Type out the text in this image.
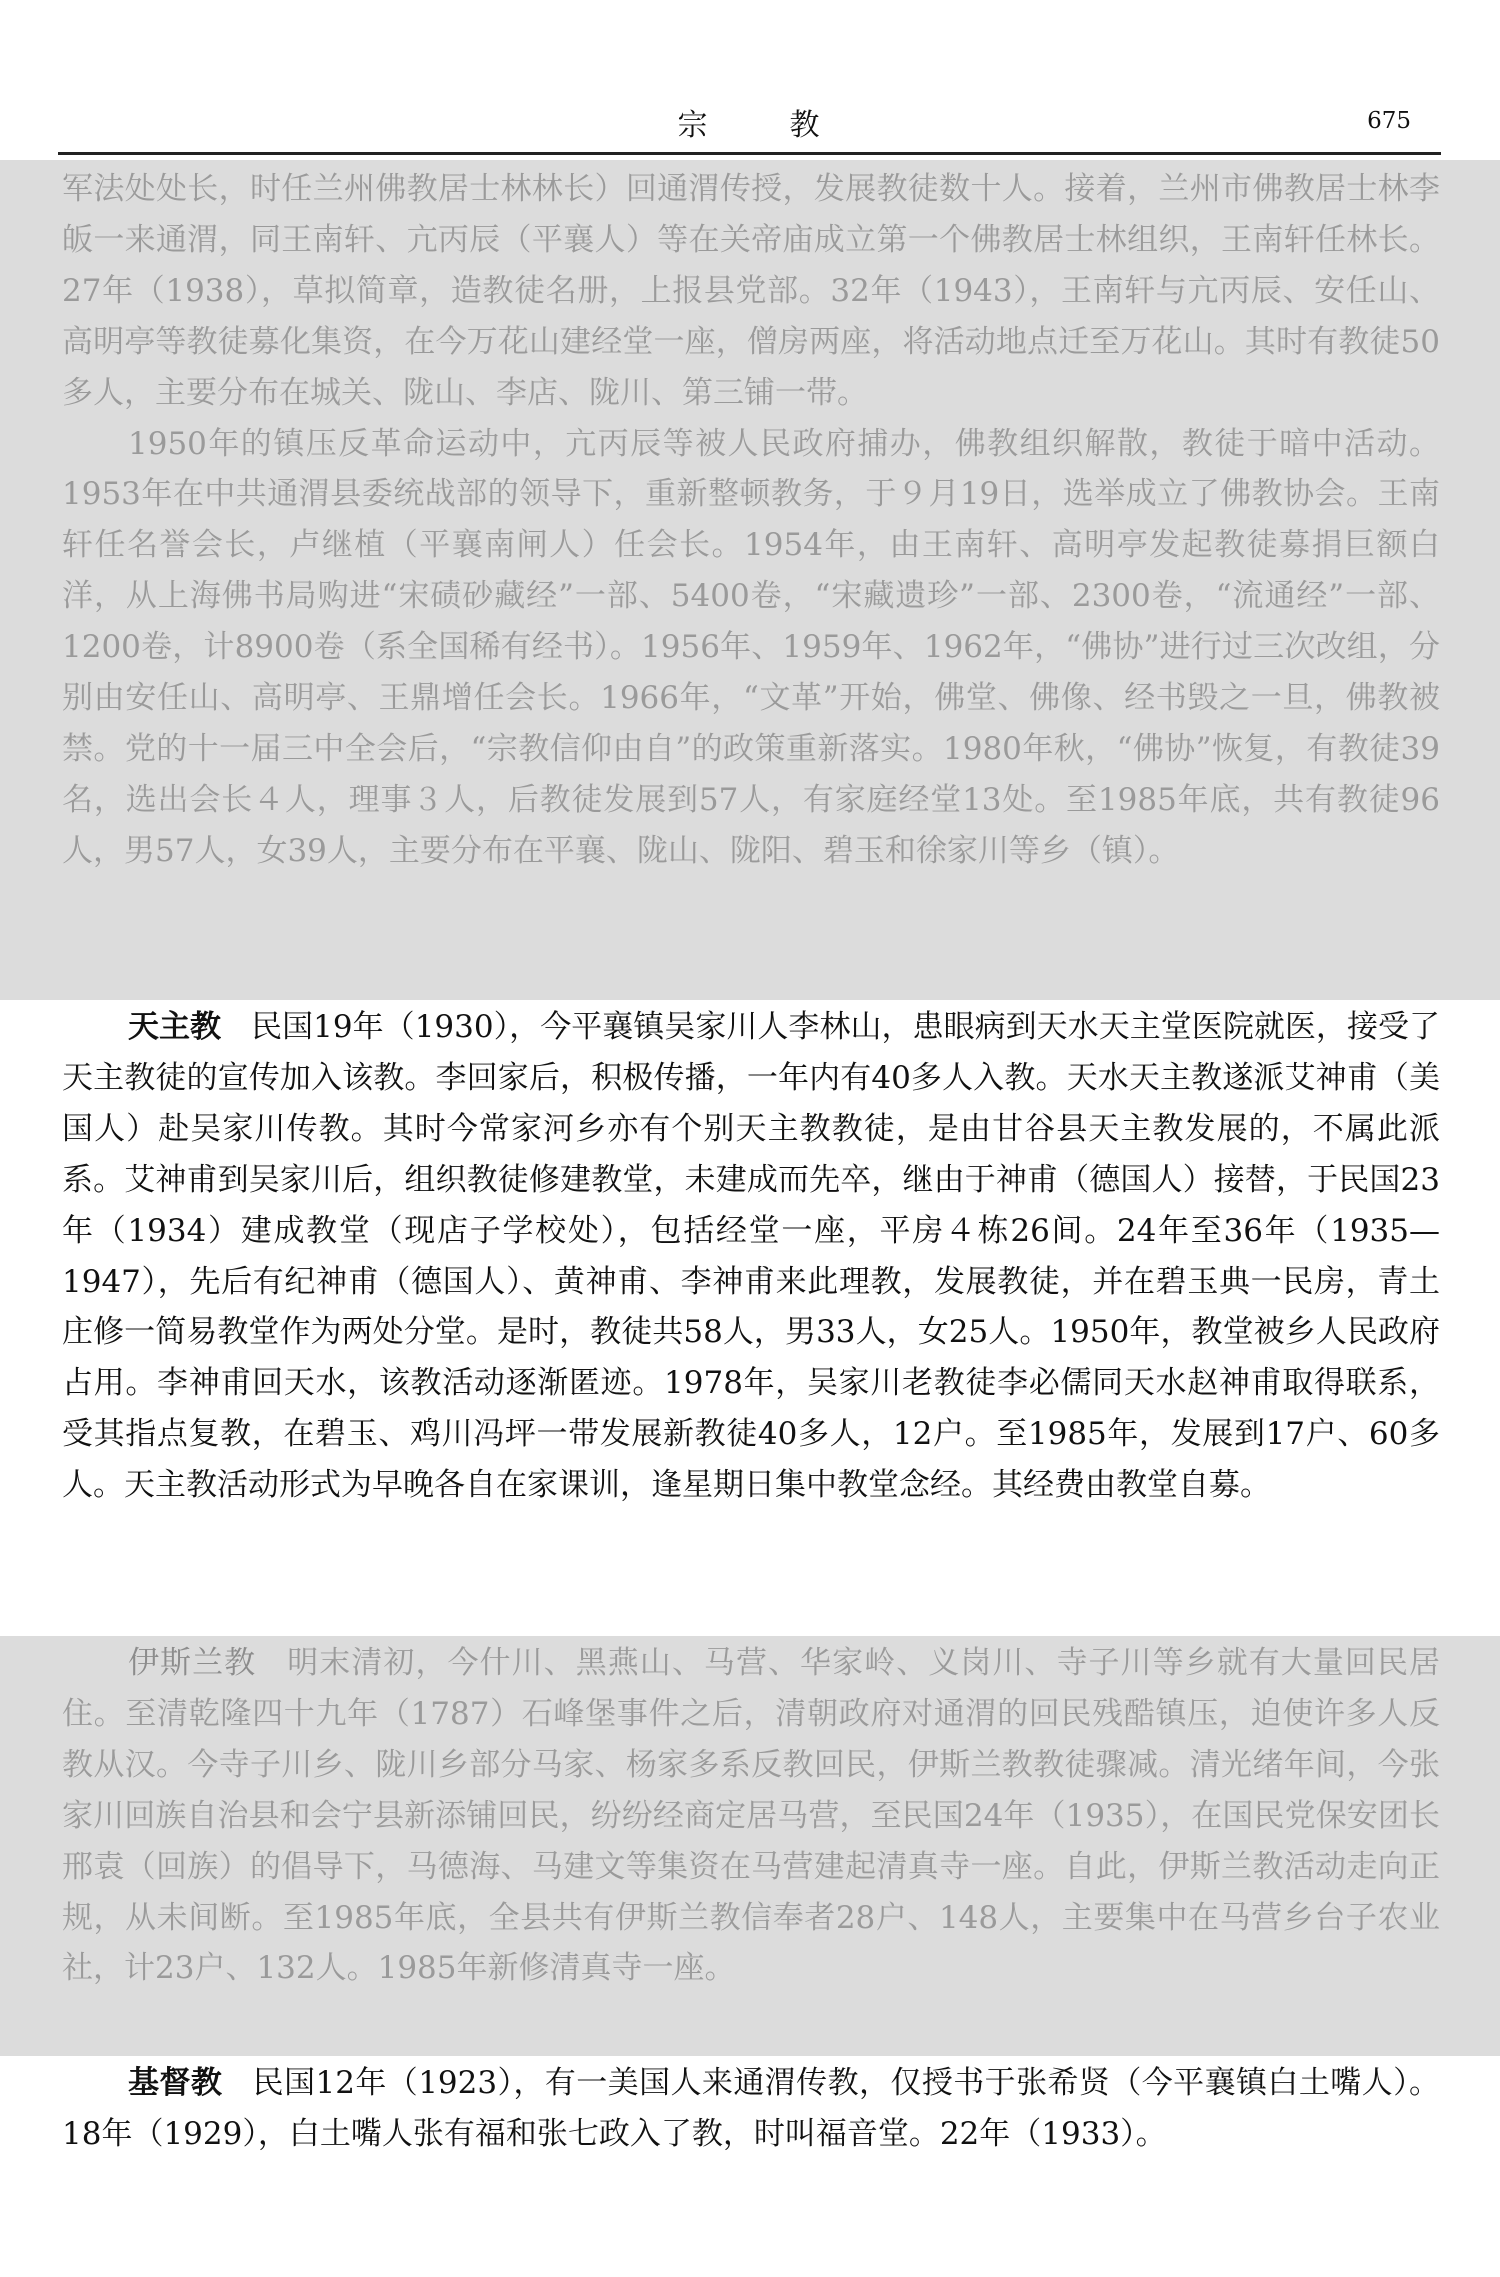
宗	教	675

军法处处长，时任兰州佛教居士林林长）回通渭传授，发展教徒数十人。接着，兰州市佛教居士林李皈一来通渭，同王南轩、亢丙辰（平襄人）等在关帝庙成立第一个佛教居士林组织，王南轩任林长。27年（1938），草拟简章，造教徒名册，上报县党部。32年（1943），王南轩与亢丙辰、安任山、高明亭等教徒募化集资，在今万花山建经堂一座，僧房两座，将活动地点迁至万花山。其时有教徒50多人，主要分布在城关、陇山、李店、陇川、第三铺一带。

1950年的镇压反革命运动中，亢丙辰等被人民政府捕办，佛教组织解散，教徒于暗中活动。1953年在中共通渭县委统战部的领导下，重新整顿教务，于９月19日，选举成立了佛教协会。王南轩任名誉会长，卢继植（平襄南闸人）任会长。1954年，由王南轩、高明亭发起教徒募捐巨额白洋，从上海佛书局购进“宋碛砂藏经”一部、5400卷，“宋藏遗珍”一部、2300卷，“流通经”一部、1200卷，计8900卷（系全国稀有经书）。1956年、1959年、1962年，“佛协”进行过三次改组，分别由安任山、高明亭、王鼎增任会长。1966年，“文革”开始，佛堂、佛像、经书毁之一旦，佛教被禁。党的十一届三中全会后，“宗教信仰由自”的政策重新落实。1980年秋，“佛协”恢复，有教徒39名，选出会长４人，理事３人，后教徒发展到57人，有家庭经堂13处。至1985年底，共有教徒96人，男57人，女39人，主要分布在平襄、陇山、陇阳、碧玉和徐家川等乡（镇）。

天主教 民国19年（1930），今平襄镇吴家川人李林山，患眼病到天水天主堂医院就医，接受了天主教徒的宣传加入该教。李回家后，积极传播，一年内有40多人入教。天水天主教遂派艾神甫（美国人）赴吴家川传教。其时今常家河乡亦有个别天主教教徒，是由甘谷县天主教发展的，不属此派系。艾神甫到吴家川后，组织教徒修建教堂，未建成而先卒，继由于神甫（德国人）接替，于民国23年（1934）建成教堂（现店子学校处），包括经堂一座，平房４栋26间。24年至36年（1935—1947），先后有纪神甫（德国人）、黄神甫、李神甫来此理教，发展教徒，并在碧玉典一民房，青土庄修一简易教堂作为两处分堂。是时，教徒共58人，男33人，女25人。1950年，教堂被乡人民政府占用。李神甫回天水，该教活动逐渐匿迹。1978年，吴家川老教徒李必儒同天水赵神甫取得联系，受其指点复教，在碧玉、鸡川冯坪一带发展新教徒40多人，12户。至1985年，发展到17户、60多人。天主教活动形式为早晚各自在家课训，逢星期日集中教堂念经。其经费由教堂自募。

伊斯兰教 明末清初，今什川、黑燕山、马营、华家岭、义岗川、寺子川等乡就有大量回民居住。至清乾隆四十九年（1787）石峰堡事件之后，清朝政府对通渭的回民残酷镇压，迫使许多人反教从汉。今寺子川乡、陇川乡部分马家、杨家多系反教回民，伊斯兰教教徒骤减。清光绪年间，今张家川回族自治县和会宁县新添铺回民，纷纷经商定居马营，至民国24年（1935），在国民党保安团长邢袁（回族）的倡导下，马德海、马建文等集资在马营建起清真寺一座。自此，伊斯兰教活动走向正规，从未间断。至1985年底，全县共有伊斯兰教信奉者28户、148人，主要集中在马营乡台子农业社，计23户、132人。1985年新修清真寺一座。

基督教 民国12年（1923），有一美国人来通渭传教，仅授书于张希贤（今平襄镇白土嘴人）。18年（1929），白土嘴人张有福和张七政入了教，时叫福音堂。22年（1933）。
